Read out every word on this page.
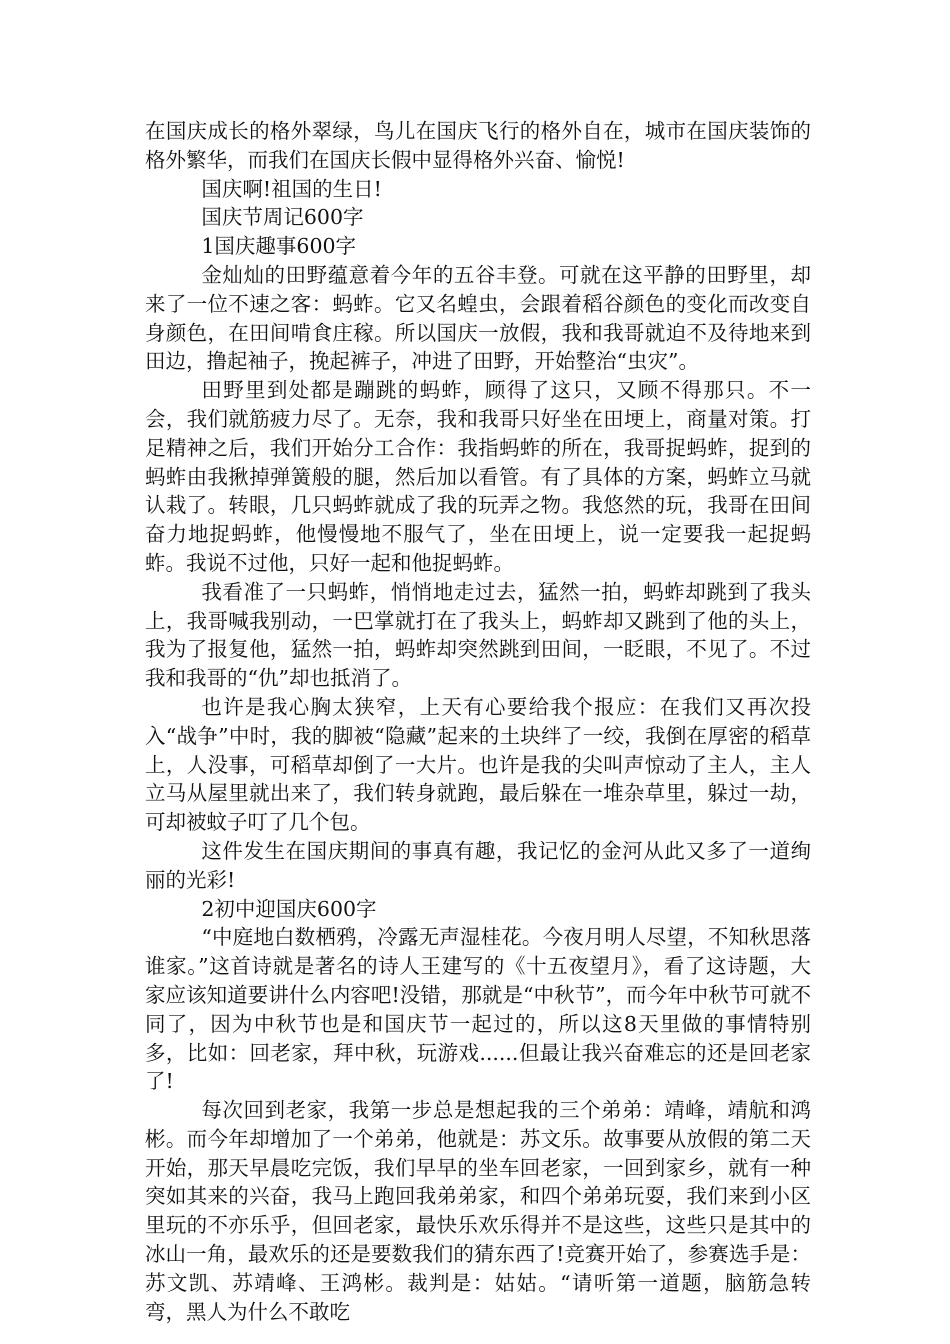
在国庆成长的格外翠绿，鸟儿在国庆飞行的格外自在，城市在国庆装饰的格外繁华，而我们在国庆长假中显得格外兴奋、愉悦!

国庆啊!祖国的生日!

国庆节周记600字

1国庆趣事600字

金灿灿的田野蕴意着今年的五谷丰登。可就在这平静的田野里，却来了一位不速之客：蚂蚱。它又名蝗虫，会跟着稻谷颜色的变化而改变自身颜色，在田间啃食庄稼。所以国庆一放假，我和我哥就迫不及待地来到田边，撸起袖子，挽起裤子，冲进了田野，开始整治“虫灾”。

田野里到处都是蹦跳的蚂蚱，顾得了这只，又顾不得那只。不一会，我们就筋疲力尽了。无奈，我和我哥只好坐在田埂上，商量对策。打足精神之后，我们开始分工合作：我指蚂蚱的所在，我哥捉蚂蚱，捉到的蚂蚱由我揪掉弹簧般的腿，然后加以看管。有了具体的方案，蚂蚱立马就认栽了。转眼，几只蚂蚱就成了我的玩弄之物。我悠然的玩，我哥在田间奋力地捉蚂蚱，他慢慢地不服气了，坐在田埂上，说一定要我一起捉蚂蚱。我说不过他，只好一起和他捉蚂蚱。

我看准了一只蚂蚱，悄悄地走过去，猛然一拍，蚂蚱却跳到了我头上，我哥喊我别动，一巴掌就打在了我头上，蚂蚱却又跳到了他的头上，我为了报复他，猛然一拍，蚂蚱却突然跳到田间，一眨眼，不见了。不过我和我哥的“仇”却也抵消了。

也许是我心胸太狭窄，上天有心要给我个报应：在我们又再次投入“战争”中时，我的脚被“隐藏”起来的土块绊了一绞，我倒在厚密的稻草上，人没事，可稻草却倒了一大片。也许是我的尖叫声惊动了主人，主人立马从屋里就出来了，我们转身就跑，最后躲在一堆杂草里，躲过一劫，可却被蚊子叮了几个包。

这件发生在国庆期间的事真有趣，我记忆的金河从此又多了一道绚丽的光彩!

2初中迎国庆600字

“中庭地白数栖鸦，冷露无声湿桂花。今夜月明人尽望，不知秋思落谁家。”这首诗就是著名的诗人王建写的《十五夜望月》，看了这诗题，大家应该知道要讲什么内容吧!没错，那就是“中秋节”，而今年中秋节可就不同了，因为中秋节也是和国庆节一起过的，所以这8天里做的事情特别多，比如：回老家，拜中秋，玩游戏......但最让我兴奋难忘的还是回老家了!

每次回到老家，我第一步总是想起我的三个弟弟：靖峰，靖航和鸿彬。而今年却增加了一个弟弟，他就是：苏文乐。故事要从放假的第二天开始，那天早晨吃完饭，我们早早的坐车回老家，一回到家乡，就有一种突如其来的兴奋，我马上跑回我弟弟家，和四个弟弟玩耍，我们来到小区里玩的不亦乐乎，但回老家，最快乐欢乐得并不是这些，这些只是其中的冰山一角，最欢乐的还是要数我们的猜东西了!竞赛开始了，参赛选手是：苏文凯、苏靖峰、王鸿彬。裁判是：姑姑。“请听第一道题，脑筋急转弯，黑人为什么不敢吃
